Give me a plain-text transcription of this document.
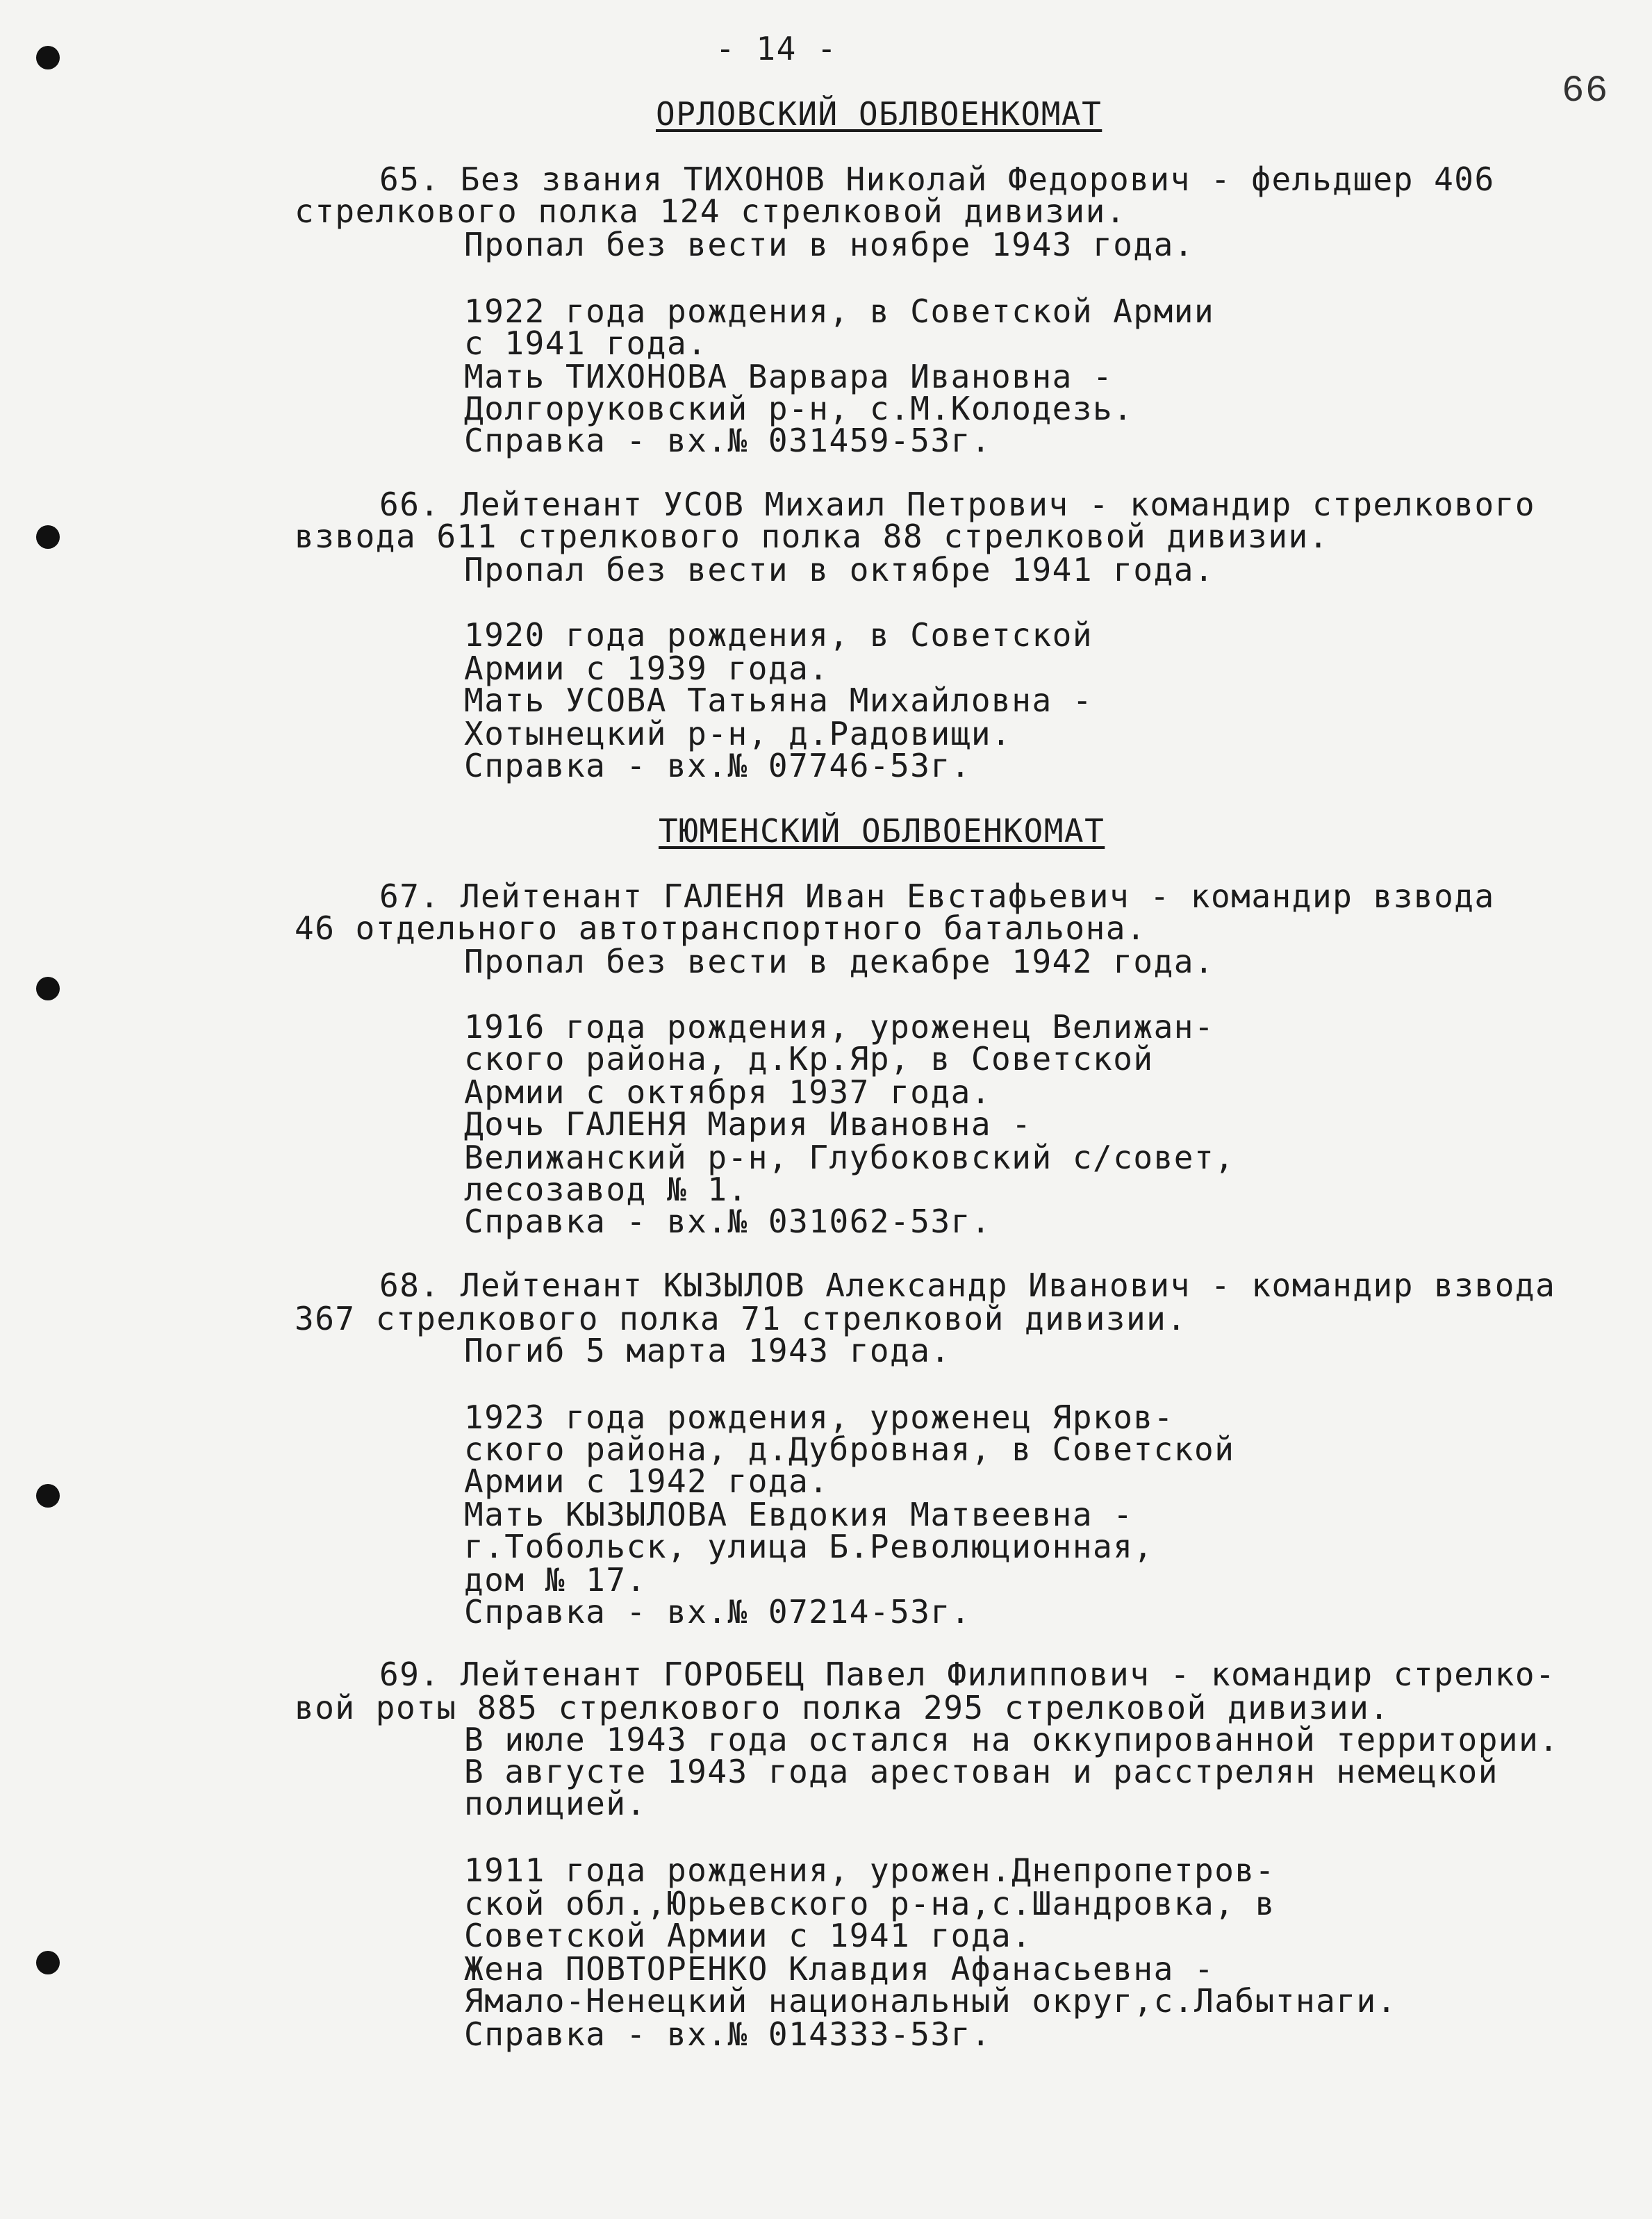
- 14 -
66
ОРЛОВСКИЙ ОБЛВОЕНКОМАТ
65. Без звания ТИХОНОВ Николай Федорович - фельдшер 406
стрелкового полка 124 стрелковой дивизии.
Пропал без вести в ноябре 1943 года.
1922 года рождения, в Советской Армии
с 1941 года.
Мать ТИХОНОВА Варвара Ивановна -
Долгоруковский р-н, с.М.Колодезь.
Справка - вх.№ 031459-53г.
66. Лейтенант УСОВ Михаил Петрович - командир стрелкового
взвода 611 стрелкового полка 88 стрелковой дивизии.
Пропал без вести в октябре 1941 года.
1920 года рождения, в Советской
Армии с 1939 года.
Мать УСОВА Татьяна Михайловна -
Хотынецкий р-н, д.Радовищи.
Справка - вх.№ 07746-53г.
ТЮМЕНСКИЙ ОБЛВОЕНКОМАТ
67. Лейтенант ГАЛЕНЯ Иван Евстафьевич - командир взвода
46 отдельного автотранспортного батальона.
Пропал без вести в декабре 1942 года.
1916 года рождения, уроженец Велижан-
ского района, д.Кр.Яр, в Советской
Армии с октября 1937 года.
Дочь ГАЛЕНЯ Мария Ивановна -
Велижанский р-н, Глубоковский с/совет,
лесозавод № 1.
Справка - вх.№ 031062-53г.
68. Лейтенант КЫЗЫЛОВ Александр Иванович - командир взвода
367 стрелкового полка 71 стрелковой дивизии.
Погиб 5 марта 1943 года.
1923 года рождения, уроженец Ярков-
ского района, д.Дубровная, в Советской
Армии с 1942 года.
Мать КЫЗЫЛОВА Евдокия Матвеевна -
г.Тобольск, улица Б.Революционная,
дом № 17.
Справка - вх.№ 07214-53г.
69. Лейтенант ГОРОБЕЦ Павел Филиппович - командир стрелко-
вой роты 885 стрелкового полка 295 стрелковой дивизии.
В июле 1943 года остался на оккупированной территории.
В августе 1943 года арестован и расстрелян немецкой
полицией.
1911 года рождения, урожен.Днепропетров-
ской обл.,Юрьевского р-на,с.Шандровка, в
Советской Армии с 1941 года.
Жена ПОВТОРЕНКО Клавдия Афанасьевна -
Ямало-Ненецкий национальный округ,с.Лабытнаги.
Справка - вх.№ 014333-53г.
